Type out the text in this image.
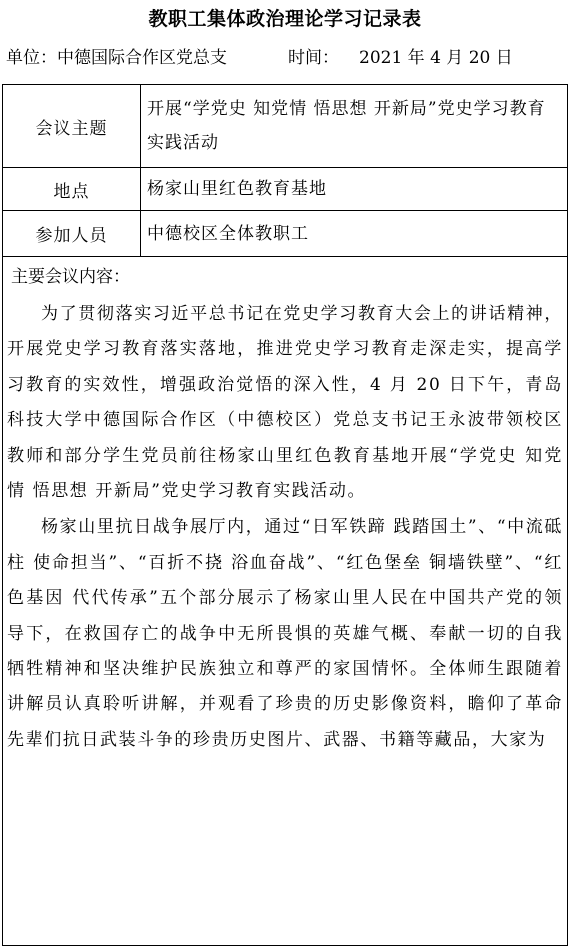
教职工集体政治理论学习记录表
单位：中德国际合作区党总支	时间： 2021 年 4 月 20 日
会议主题	开展“学党史 知党情 悟思想 开新局”党史学习教育实践活动
地点	杨家山里红色教育基地
参加人员	中德校区全体教职工

主要会议内容：

为了贯彻落实习近平总书记在党史学习教育大会上的讲话精神，开展党史学习教育落实落地，推进党史学习教育走深走实，提高学习教育的实效性，增强政治觉悟的深入性，4 月 20 日下午，青岛科技大学中德国际合作区（中德校区）党总支书记王永波带领校区教师和部分学生党员前往杨家山里红色教育基地开展“学党史 知党情 悟思想 开新局”党史学习教育实践活动。

杨家山里抗日战争展厅内，通过“日军铁蹄 践踏国土”、“中流砥柱 使命担当”、“百折不挠 浴血奋战”、“红色堡垒 铜墙铁壁”、“红色基因 代代传承”五个部分展示了杨家山里人民在中国共产党的领导下，在救国存亡的战争中无所畏惧的英雄气概、奉献一切的自我牺牲精神和坚决维护民族独立和尊严的家国情怀。全体师生跟随着讲解员认真聆听讲解，并观看了珍贵的历史影像资料，瞻仰了革命先辈们抗日武装斗争的珍贵历史图片、武器、书籍等藏品，大家为	
